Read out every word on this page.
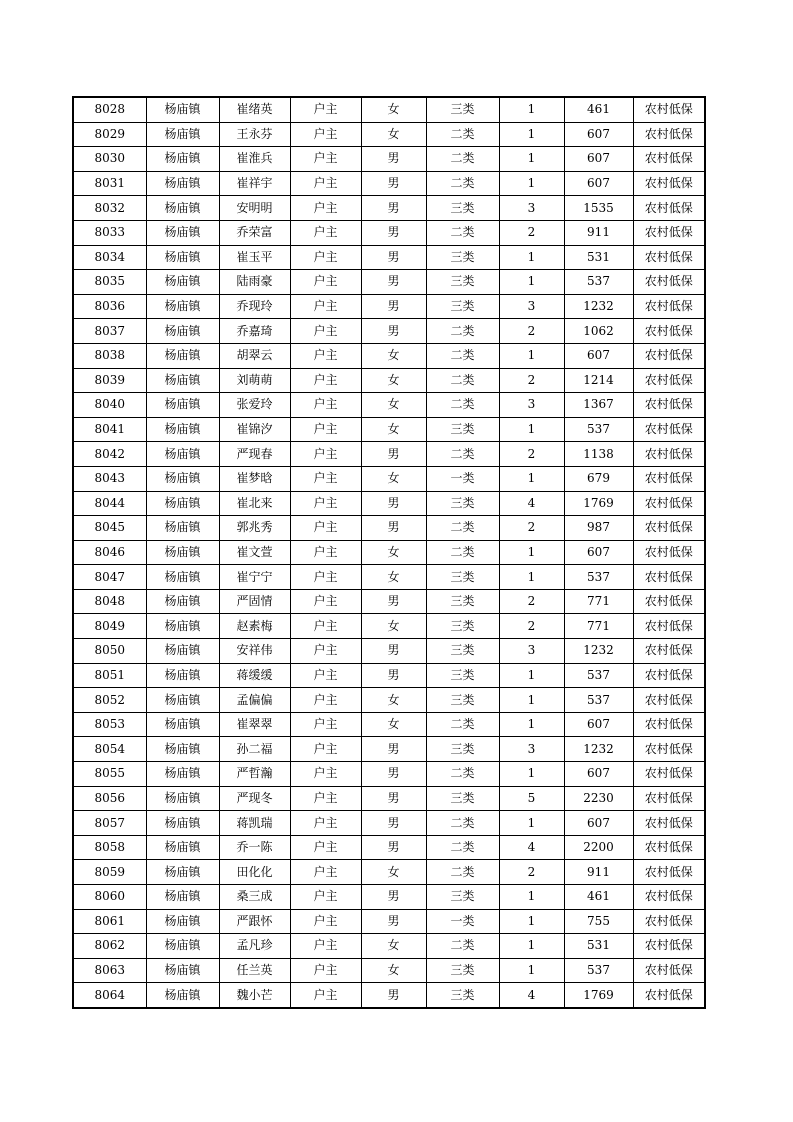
8028	杨庙镇	崔绪英	户主	女	三类	1	461	农村低保
8029	杨庙镇	王永芬	户主	女	二类	1	607	农村低保
8030	杨庙镇	崔淮兵	户主	男	二类	1	607	农村低保
8031	杨庙镇	崔祥宇	户主	男	二类	1	607	农村低保
8032	杨庙镇	安明明	户主	男	三类	3	1535	农村低保
8033	杨庙镇	乔荣富	户主	男	二类	2	911	农村低保
8034	杨庙镇	崔玉平	户主	男	三类	1	531	农村低保
8035	杨庙镇	陆雨豪	户主	男	三类	1	537	农村低保
8036	杨庙镇	乔现玲	户主	男	三类	3	1232	农村低保
8037	杨庙镇	乔嘉琦	户主	男	二类	2	1062	农村低保
8038	杨庙镇	胡翠云	户主	女	二类	1	607	农村低保
8039	杨庙镇	刘萌萌	户主	女	二类	2	1214	农村低保
8040	杨庙镇	张爱玲	户主	女	二类	3	1367	农村低保
8041	杨庙镇	崔锦汐	户主	女	三类	1	537	农村低保
8042	杨庙镇	严现春	户主	男	二类	2	1138	农村低保
8043	杨庙镇	崔梦晗	户主	女	一类	1	679	农村低保
8044	杨庙镇	崔北来	户主	男	三类	4	1769	农村低保
8045	杨庙镇	郭兆秀	户主	男	二类	2	987	农村低保
8046	杨庙镇	崔文萱	户主	女	二类	1	607	农村低保
8047	杨庙镇	崔宁宁	户主	女	三类	1	537	农村低保
8048	杨庙镇	严固情	户主	男	三类	2	771	农村低保
8049	杨庙镇	赵素梅	户主	女	三类	2	771	农村低保
8050	杨庙镇	安祥伟	户主	男	三类	3	1232	农村低保
8051	杨庙镇	蒋缓缓	户主	男	三类	1	537	农村低保
8052	杨庙镇	孟偏偏	户主	女	三类	1	537	农村低保
8053	杨庙镇	崔翠翠	户主	女	二类	1	607	农村低保
8054	杨庙镇	孙二福	户主	男	三类	3	1232	农村低保
8055	杨庙镇	严哲瀚	户主	男	二类	1	607	农村低保
8056	杨庙镇	严现冬	户主	男	三类	5	2230	农村低保
8057	杨庙镇	蒋凯瑞	户主	男	二类	1	607	农村低保
8058	杨庙镇	乔一陈	户主	男	二类	4	2200	农村低保
8059	杨庙镇	田化化	户主	女	二类	2	911	农村低保
8060	杨庙镇	桑三成	户主	男	三类	1	461	农村低保
8061	杨庙镇	严跟怀	户主	男	一类	1	755	农村低保
8062	杨庙镇	孟凡珍	户主	女	二类	1	531	农村低保
8063	杨庙镇	任兰英	户主	女	三类	1	537	农村低保
8064	杨庙镇	魏小芒	户主	男	三类	4	1769	农村低保
